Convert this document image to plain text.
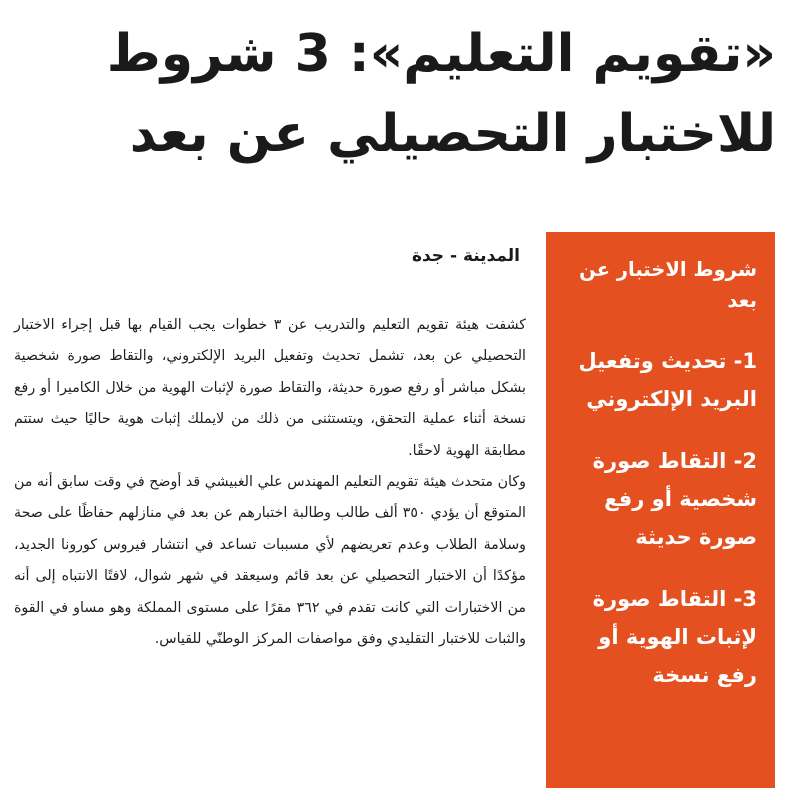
«تقويم التعليم»: 3 شروط
للاختبار التحصيلي عن بعد
المدينة - جدة

كشفت هيئة تقويم التعليم والتدريب عن ٣ خطوات يجب القيام بها قبل إجراء الاختبار التحصيلي عن بعد، تشمل تحديث وتفعيل البريد الإلكتروني، والتقاط صورة شخصية بشكل مباشر أو رفع صورة حديثة، والتقاط صورة لإثبات الهوية من خلال الكاميرا أو رفع نسخة أثناء عملية التحقق، ويتستثنى من ذلك من لايملك إثبات هوية حاليًا حيث ستتم مطابقة الهوية لاحقًا.

وكان متحدث هيئة تقويم التعليم المهندس علي الغبيشي قد أوضح في وقت سابق أنه من المتوقع أن يؤدي ٣٥٠ ألف طالب وطالبة اختبارهم عن بعد في منازلهم حفاظًا على صحة وسلامة الطلاب وعدم تعريضهم لأي مسببات تساعد في انتشار فيروس كورونا الجديد، مؤكدًا أن الاختبار التحصيلي عن بعد قائم وسيعقد في شهر شوال، لافتًا الانتباه إلى أنه من الاختبارات التي كانت تقدم في ٣٦٢ مقرًا على مستوى المملكة وهو مساو في القوة والثبات للاختبار التقليدي وفق مواصفات المركز الوطنّي للقياس.

شروط الاختبار عن بعد
1- تحديث وتفعيل البريد الإلكتروني
2- التقاط صورة شخصية أو رفع صورة حديثة
3- التقاط صورة لإثبات الهوية أو رفع نسخة
